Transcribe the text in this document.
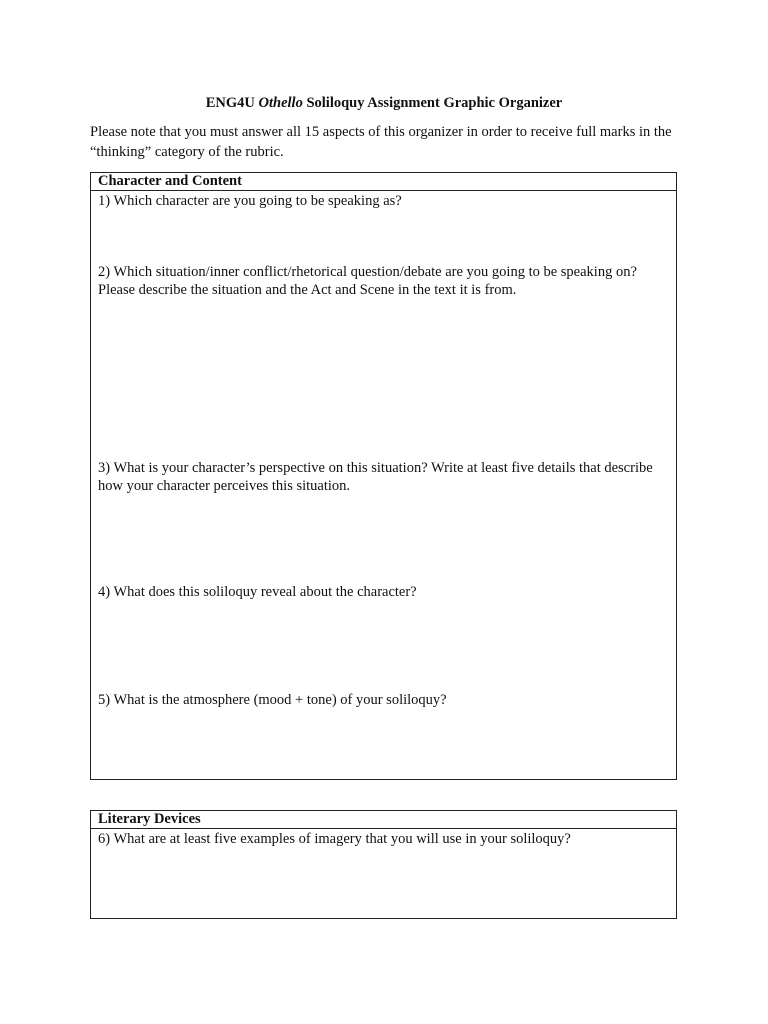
ENG4U Othello Soliloquy Assignment Graphic Organizer
Please note that you must answer all 15 aspects of this organizer in order to receive full marks in the “thinking” category of the rubric.
Character and Content
1) Which character are you going to be speaking as?
2) Which situation/inner conflict/rhetorical question/debate are you going to be speaking on? Please describe the situation and the Act and Scene in the text it is from.
3) What is your character’s perspective on this situation? Write at least five details that describe how your character perceives this situation.
4) What does this soliloquy reveal about the character?
5) What is the atmosphere (mood + tone) of your soliloquy?
Literary Devices
6) What are at least five examples of imagery that you will use in your soliloquy?
